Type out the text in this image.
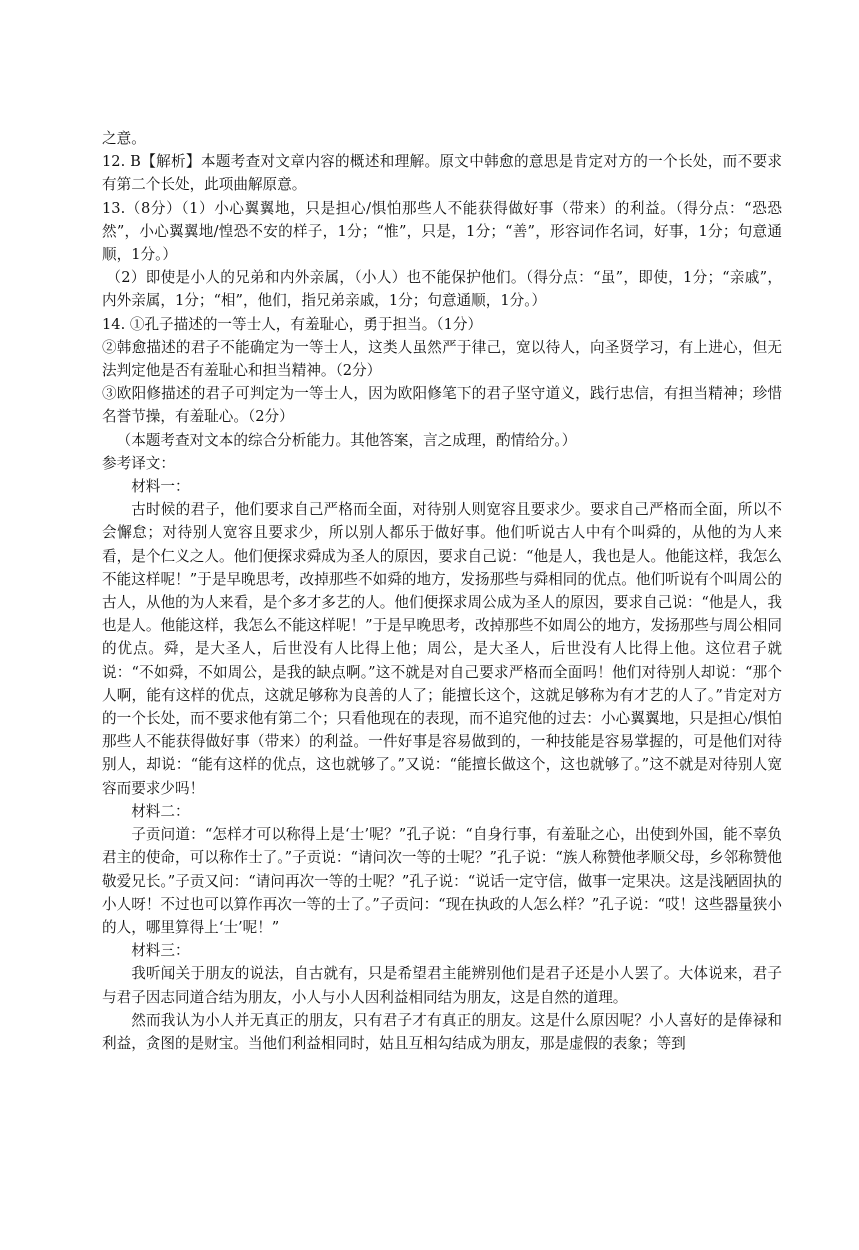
之意。

12. B【解析】本题考查对文章内容的概述和理解。原文中韩愈的意思是肯定对方的一个长处，而不要求有第二个长处，此项曲解原意。

13.（8分）（1）小心翼翼地，只是担心/惧怕那些人不能获得做好事（带来）的利益。（得分点：“恐恐然”，小心翼翼地/惶恐不安的样子，1分；“惟”，只是，1分；“善”，形容词作名词，好事，1分；句意通顺，1分。）

（2）即使是小人的兄弟和内外亲属，（小人）也不能保护他们。（得分点：“虽”，即使，1分；“亲戚”，内外亲属，1分；“相”，他们，指兄弟亲戚，1分；句意通顺，1分。）

14. ①孔子描述的一等士人，有羞耻心，勇于担当。（1分）

②韩愈描述的君子不能确定为一等士人，这类人虽然严于律己，宽以待人，向圣贤学习，有上进心，但无法判定他是否有羞耻心和担当精神。（2分）

③欧阳修描述的君子可判定为一等士人，因为欧阳修笔下的君子坚守道义，践行忠信，有担当精神；珍惜名誉节操，有羞耻心。（2分）

（本题考查对文本的综合分析能力。其他答案，言之成理，酌情给分。）

参考译文：

材料一：

古时候的君子，他们要求自己严格而全面，对待别人则宽容且要求少。要求自己严格而全面，所以不会懈怠；对待别人宽容且要求少，所以别人都乐于做好事。他们听说古人中有个叫舜的，从他的为人来看，是个仁义之人。他们便探求舜成为圣人的原因，要求自己说：“他是人，我也是人。他能这样，我怎么不能这样呢！”于是早晚思考，改掉那些不如舜的地方，发扬那些与舜相同的优点。他们听说有个叫周公的古人，从他的为人来看，是个多才多艺的人。他们便探求周公成为圣人的原因，要求自己说：“他是人，我也是人。他能这样，我怎么不能这样呢！”于是早晚思考，改掉那些不如周公的地方，发扬那些与周公相同的优点。舜，是大圣人，后世没有人比得上他；周公，是大圣人，后世没有人比得上他。这位君子就说：“不如舜，不如周公，是我的缺点啊。”这不就是对自己要求严格而全面吗！他们对待别人却说：“那个人啊，能有这样的优点，这就足够称为良善的人了；能擅长这个，这就足够称为有才艺的人了。”肯定对方的一个长处，而不要求他有第二个；只看他现在的表现，而不追究他的过去：小心翼翼地，只是担心/惧怕那些人不能获得做好事（带来）的利益。一件好事是容易做到的，一种技能是容易掌握的，可是他们对待别人，却说：“能有这样的优点，这也就够了。”又说：“能擅长做这个，这也就够了。”这不就是对待别人宽容而要求少吗！

材料二：

子贡问道：“怎样才可以称得上是‘士’呢？”孔子说：“自身行事，有羞耻之心，出使到外国，能不辜负君主的使命，可以称作士了。”子贡说：“请问次一等的士呢？”孔子说：“族人称赞他孝顺父母，乡邻称赞他敬爱兄长。”子贡又问：“请问再次一等的士呢？”孔子说：“说话一定守信，做事一定果决。这是浅陋固执的小人呀！不过也可以算作再次一等的士了。”子贡问：“现在执政的人怎么样？”孔子说：“哎！这些器量狭小的人，哪里算得上‘士’呢！”

材料三：

我听闻关于朋友的说法，自古就有，只是希望君主能辨别他们是君子还是小人罢了。大体说来，君子与君子因志同道合结为朋友，小人与小人因利益相同结为朋友，这是自然的道理。

然而我认为小人并无真正的朋友，只有君子才有真正的朋友。这是什么原因呢？小人喜好的是俸禄和利益，贪图的是财宝。当他们利益相同时，姑且互相勾结成为朋友，那是虚假的表象；等到
